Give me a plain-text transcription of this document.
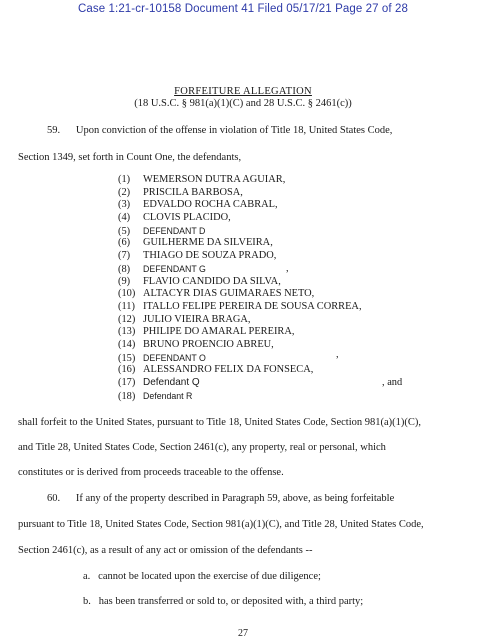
Case 1:21-cr-10158 Document 41 Filed 05/17/21 Page 27 of 28
FORFEITURE ALLEGATION
(18 U.S.C. § 981(a)(1)(C) and 28 U.S.C. § 2461(c))
59.      Upon conviction of the offense in violation of Title 18, United States Code,
Section 1349, set forth in Count One, the defendants,
(1) WEMERSON DUTRA AGUIAR,
(2) PRISCILA BARBOSA,
(3) EDVALDO ROCHA CABRAL,
(4) CLOVIS PLACIDO,
(5) DEFENDANT D
(6) GUILHERME DA SILVEIRA,
(7) THIAGO DE SOUZA PRADO,
(8) DEFENDANT G	,
(9) FLAVIO CANDIDO DA SILVA,
(10) ALTACYR DIAS GUIMARAES NETO,
(11) ITALLO FELIPE PEREIRA DE SOUSA CORREA,
(12) JULIO VIEIRA BRAGA,
(13) PHILIPE DO AMARAL PEREIRA,
(14) BRUNO PROENCIO ABREU,
(15) DEFENDANT O	,
(16) ALESSANDRO FELIX DA FONSECA,
(17) Defendant Q	, and
(18) Defendant R
shall forfeit to the United States, pursuant to Title 18, United States Code, Section 981(a)(1)(C),
and Title 28, United States Code, Section 2461(c), any property, real or personal, which
constitutes or is derived from proceeds traceable to the offense.
60.      If any of the property described in Paragraph 59, above, as being forfeitable
pursuant to Title 18, United States Code, Section 981(a)(1)(C), and Title 28, United States Code,
Section 2461(c), as a result of any act or omission of the defendants --
a. cannot be located upon the exercise of due diligence;
b. has been transferred or sold to, or deposited with, a third party;
27
